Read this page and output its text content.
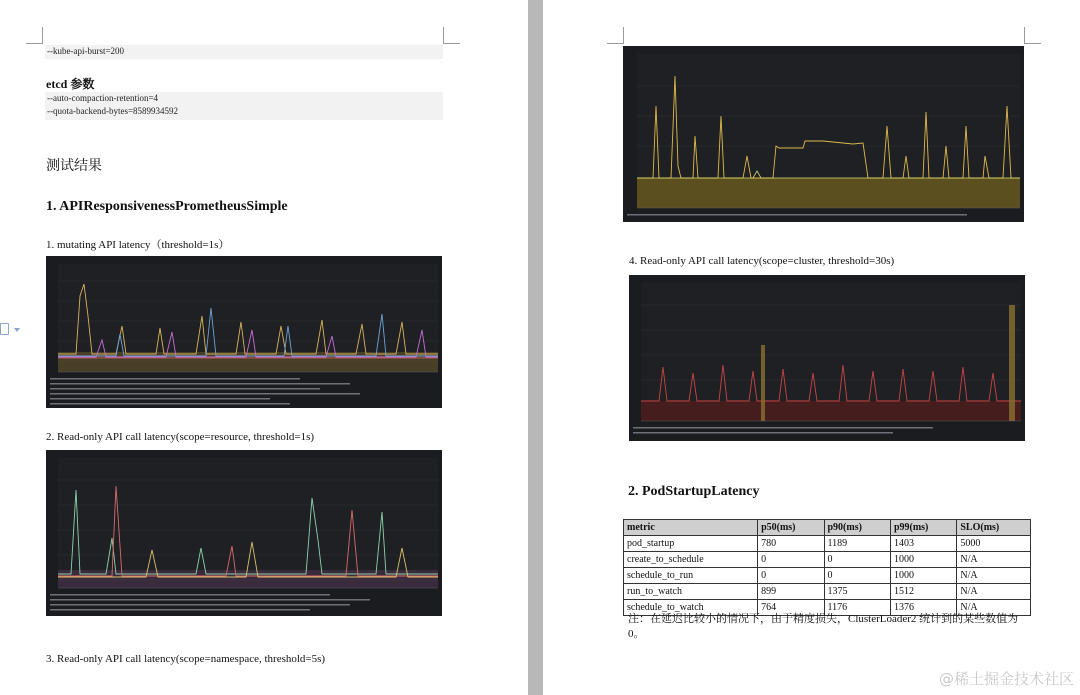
--kube-api-burst=200
etcd 参数
--auto-compaction-retention=4
--quota-backend-bytes=8589934592
测试结果
1. APIResponsivenessPrometheusSimple
1. mutating API latency（threshold=1s）
2. Read-only API call latency(scope=resource, threshold=1s)
3. Read-only API call latency(scope=namespace, threshold=5s)
4. Read-only API call latency(scope=cluster, threshold=30s)
2. PodStartupLatency
metric	p50(ms)	p90(ms)	p99(ms)	SLO(ms)
pod_startup	780	1189	1403	5000
create_to_schedule	0	0	1000	N/A
schedule_to_run	0	0	1000	N/A
run_to_watch	899	1375	1512	N/A
schedule_to_watch	764	1176	1376	N/A
注：在延迟比较小的情况下，由于精度损失，ClusterLoader2 统计到的某些数值为 0。
@稀土掘金技术社区
